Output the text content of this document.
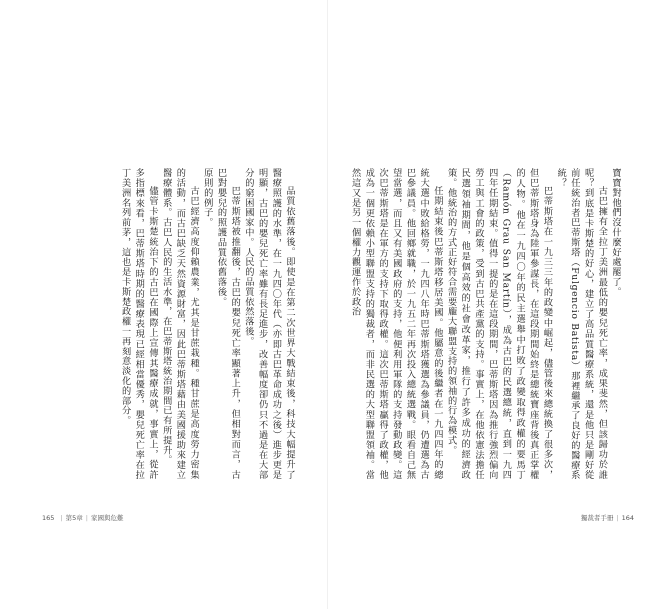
品質依舊落後。即使是在第二次世界大戰結束後，科技大幅提升了醫療照護的水準，在一九四〇年代（亦即古巴革命成功之後）進步更是明顯，古巴的嬰兒死亡率雖有長足進步，改善幅度卻仍只不過是在大部分的窮困國家中。人民的品質依然落後。

巴蒂斯塔被推翻後，古巴的嬰兒死亡率顯著上升，但相對而言，古巴對嬰兒的照護品質依舊落後。

原則的例子。

古巴經濟高度仰賴農業，尤其是甘蔗栽種。種甘蔗是高度勞力密集的活動，而古巴缺乏天然資源財富，因此巴蒂斯塔藉由美國援助來建立醫療體系。古巴人民的生活水準，在巴蒂斯塔統治期間已有所提升。

儘管卡斯楚統治下的古巴在國際上宣傳其醫療成就，事實上，從許多指標來看，巴蒂斯塔時期的醫療表現已經相當優秀，嬰兒死亡率在拉丁美洲名列前茅，這也是卡斯楚政權一再刻意淡化的部分。

165 | 第5章 | 家國與危難

寶寶對他們沒什麼好處罷了。

古巴擁有全拉丁美洲最低的嬰兒死亡率，成果斐然，但該歸功於誰呢？到底是卡斯楚的好心，建立了高品質醫療系統，還是他只是剛好從前任統治者巴蒂斯塔（Fulgencio Batista）那裡繼承了良好的醫療系統？

巴蒂斯塔在一九三三年的政變中崛起，儘管後來總統換了很多次，但巴蒂斯塔身為陸軍參謀長，在這段期間始終是總統寶座背後真正掌權的人物。他在一九四〇年的民主選舉中打敗了政變取得政權的要馬丁（Ramón Grau San Martín），成為古巴的民選總統，直到一九四四年任期結束。值得一提的是在這段期間，巴蒂斯塔因為推行強烈偏向勞工與工會的政策，受到古巴共產黨的支持。事實上，在他依憲法擔任民選領袖期間，他是個高效的社會改革家，推行了許多成功的經濟政策。他統治的方式正好符合需要龐大聯盟支持的領袖的行為模式。

任期結束後巴蒂斯塔移居美國。他屬意的後繼者在一九四四年的總統大選中敗給格勞，一九四八年時巴蒂斯塔獲選為參議員，仍遭選為古巴參議員。他回鄉就職，於一九五二年再次投入總統選戰。眼看自己無望當選，而且又有美國政府的支持，他便利用軍隊的支持發動政變。這次巴蒂斯塔是在軍方的支持下取得政權。這次巴蒂斯塔贏得了政權，他成為一個更依賴小型聯盟支持的獨裁者，而非民選的大型聯盟領袖。當然這又是另一個權力觀運作於政治

獨裁者手冊 | 164
